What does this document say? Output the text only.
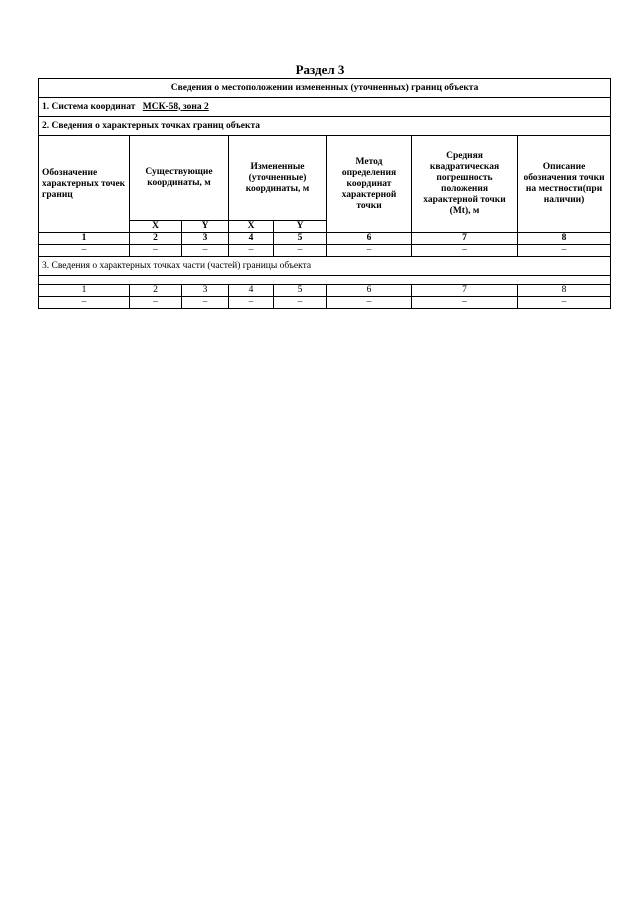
Раздел 3
Сведения о местоположении измененных (уточненных) границ объекта							
1. Система координат МСК-58, зона 2							
2. Сведения о характерных точках границ объекта							
Обозначение характерных точек границ	Существующие координаты, м		Измененные (уточненные) координаты, м		Метод определения координат характерной точки	Средняя квадратическая погрешность положения характерной точки (Mt), м	Описание обозначения точки на местности(при наличии)
	X	Y	X	Y			
1	2	3	4	5	6	7	8
–	–	–	–	–	–	–	–
3. Сведения о характерных точках части (частей) границы объекта							

1	2	3	4	5	6	7	8
–	–	–	–	–	–	–	–
